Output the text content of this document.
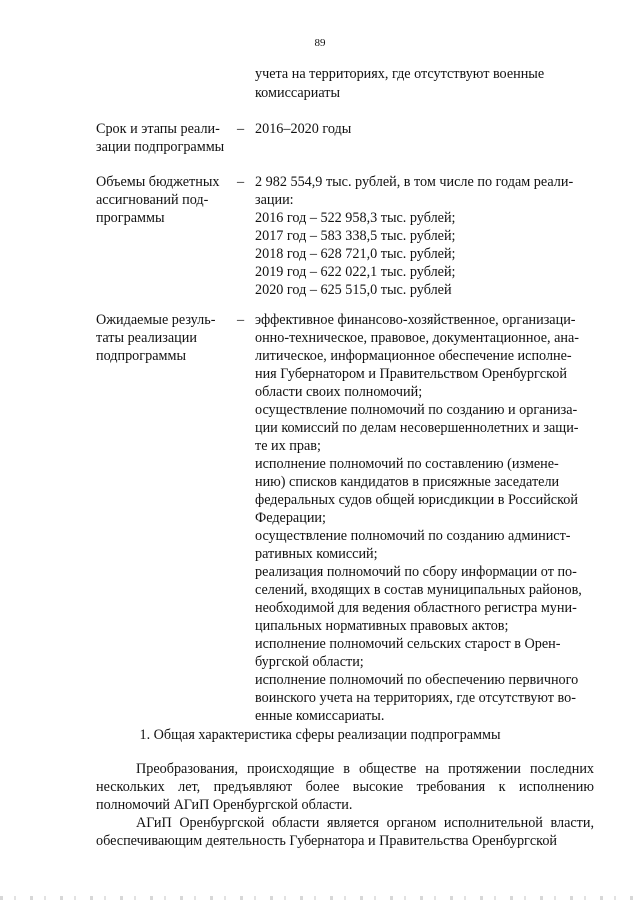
89
учета на территориях, где отсутствуют военные
комиссариаты
Срок и этапы реали-
зации подпрограммы
– 2016–2020 годы
Объемы бюджетных
ассигнований под-
программы
– 2 982 554,9 тыс. рублей, в том числе по годам реали-
зации:
2016 год – 522 958,3 тыс. рублей;
2017 год – 583 338,5 тыс. рублей;
2018 год – 628 721,0 тыс. рублей;
2019 год – 622 022,1 тыс. рублей;
2020 год – 625 515,0 тыс. рублей
Ожидаемые резуль-
таты реализации
подпрограммы
– эффективное финансово-хозяйственное, организаци-
онно-техническое, правовое, документационное, ана-
литическое, информационное обеспечение исполне-
ния Губернатором и Правительством Оренбургской
области своих полномочий;
осуществление полномочий по созданию и организа-
ции комиссий по делам несовершеннолетних и защи-
те их прав;
исполнение полномочий по составлению (измене-
нию) списков кандидатов в присяжные заседатели
федеральных судов общей юрисдикции в Российской
Федерации;
осуществление полномочий по созданию админист-
ративных комиссий;
реализация полномочий по сбору информации от по-
селений, входящих в состав муниципальных районов,
необходимой для ведения областного регистра муни-
ципальных нормативных правовых актов;
исполнение полномочий сельских старост в Орен-
бургской области;
исполнение полномочий по обеспечению первичного
воинского учета на территориях, где отсутствуют во-
енные комиссариаты.
1. Общая характеристика сферы реализации подпрограммы

Преобразования, происходящие в обществе на протяжении последних нескольких лет, предъявляют более высокие требования к исполнению полномочий АГиП Оренбургской области.

АГиП Оренбургской области является органом исполнительной власти, обеспечивающим деятельность Губернатора и Правительства Оренбургской
